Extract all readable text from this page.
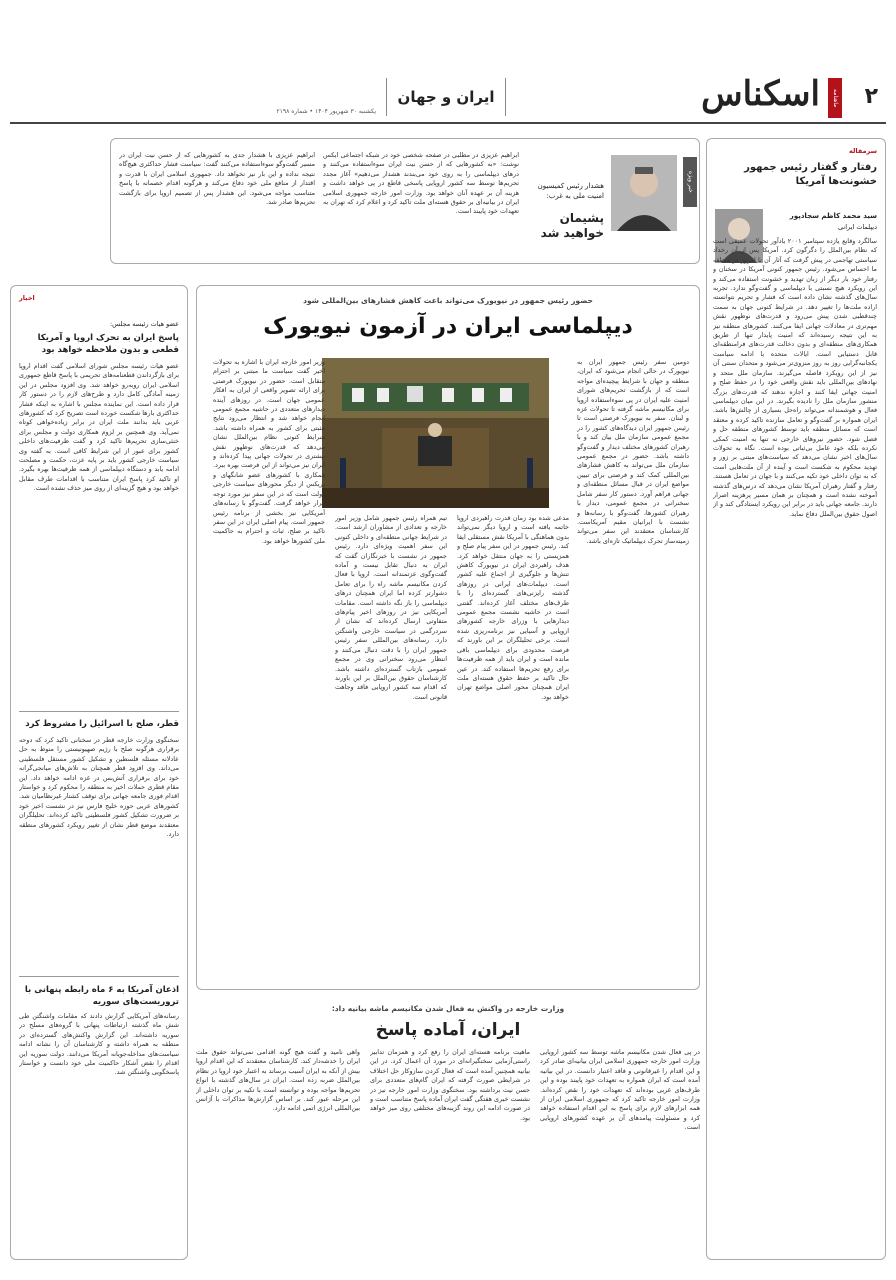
۲
ماهنامه
اسکناس
ایران و جهان
یکشنبه ۳۰ شهریور ۱۴۰۴ • شماره ۲۱۹۸
سرمقاله
رفتار و گفتار رئیس جمهور خشونت‌ها آمریکا
سید محمد کاظم سجادپور
دیپلمات ایرانی
سالگرد وقایع یازده سپتامبر ۲۰۰۱ یادآور تحولات عمیقی است که نظام بین‌الملل را دگرگون کرد. آمریکا پس از آن رخداد سیاستی تهاجمی در پیش گرفت که آثار آن تا امروز در منطقه ما احساس می‌شود. رئیس جمهور کنونی آمریکا در سخنان و رفتار خود بار دیگر از زبان تهدید و خشونت استفاده می‌کند و این رویکرد هیچ نسبتی با دیپلماسی و گفت‌وگو ندارد. تجربه سال‌های گذشته نشان داده است که فشار و تحریم نتوانسته اراده ملت‌ها را تغییر دهد. در شرایط کنونی جهان به سمت چندقطبی شدن پیش می‌رود و قدرت‌های نوظهور نقش مهم‌تری در معادلات جهانی ایفا می‌کنند. کشورهای منطقه نیز به این نتیجه رسیده‌اند که امنیت پایدار تنها از طریق همکاری‌های منطقه‌ای و بدون دخالت قدرت‌های فرامنطقه‌ای قابل دستیابی است. ایالات متحده با ادامه سیاست یکجانبه‌گرایی روز به روز منزوی‌تر می‌شود و متحدان سنتی آن نیز از این رویکرد فاصله می‌گیرند. سازمان ملل متحد و نهادهای بین‌المللی باید نقش واقعی خود را در حفظ صلح و امنیت جهانی ایفا کنند و اجازه ندهند که قدرت‌های بزرگ منشور سازمان ملل را نادیده بگیرند. در این میان دیپلماسی فعال و هوشمندانه می‌تواند راه‌حل بسیاری از چالش‌ها باشد. ایران همواره بر گفت‌وگو و تعامل سازنده تاکید کرده و معتقد است که مسائل منطقه باید توسط کشورهای منطقه حل و فصل شود. حضور نیروهای خارجی نه تنها به امنیت کمکی نکرده بلکه خود عامل بی‌ثباتی بوده است. نگاه به تحولات سال‌های اخیر نشان می‌دهد که سیاست‌های مبتنی بر زور و تهدید محکوم به شکست است و آینده از آن ملت‌هایی است که به توان داخلی خود تکیه می‌کنند و با جهان در تعامل هستند. رفتار و گفتار رهبران آمریکا نشان می‌دهد که درس‌های گذشته آموخته نشده است و همچنان بر همان مسیر پرهزینه اصرار دارند. جامعه جهانی باید در برابر این رویکرد ایستادگی کند و از اصول حقوق بین‌الملل دفاع نماید.
خبر ویژه
هشدار رئیس کمیسیون امنیت ملی به غرب:
پشیمان خواهید شد
ابراهیم عزیزی در مطلبی در صفحه شخصی خود در شبکه اجتماعی ایکس نوشت: «به کشورهایی که از حسن نیت ایران سوءاستفاده می‌کنند و درهای دیپلماسی را به روی خود می‌بندند هشدار می‌دهیم» آغاز مجدد تحریم‌ها توسط سه کشور اروپایی پاسخی قاطع در پی خواهد داشت و هزینه آن بر عهده آنان خواهد بود. وزارت امور خارجه جمهوری اسلامی ایران در بیانیه‌ای بر حقوق هسته‌ای ملت تاکید کرد و اعلام کرد که تهران به تعهدات خود پایبند است.
ابراهیم عزیزی با هشدار جدی به کشورهایی که از حسن نیت ایران در مسیر گفت‌وگو سوءاستفاده می‌کنند گفت: سیاست فشار حداکثری هیچ‌گاه نتیجه نداده و این بار نیز نخواهد داد. جمهوری اسلامی ایران با قدرت و اقتدار از منافع ملی خود دفاع می‌کند و هرگونه اقدام خصمانه با پاسخ متناسب مواجه می‌شود. این هشدار پس از تصمیم اروپا برای بازگشت تحریم‌ها صادر شد.
حضور رئیس جمهور در نیویورک می‌تواند باعث کاهش فشارهای بین‌المللی شود
دیپلماسی ایران در آزمون نیویورک
دومین سفر رئیس جمهور ایران به نیویورک در حالی انجام می‌شود که ایران، منطقه و جهان با شرایط پیچیده‌ای مواجه است که از بازگشت تحریم‌های شورای امنیت علیه ایران در پی سوءاستفاده اروپا برای مکانیسم ماشه گرفته تا تحولات غزه و لبنان. سفر به نیویورک فرصتی است تا رئیس جمهور ایران دیدگاه‌های کشور را در مجمع عمومی سازمان ملل بیان کند و با رهبران کشورهای مختلف دیدار و گفت‌وگو داشته باشد. حضور در مجمع عمومی سازمان ملل می‌تواند به کاهش فشارهای بین‌المللی کمک کند و فرصتی برای تبیین مواضع ایران در قبال مسائل منطقه‌ای و جهانی فراهم آورد. دستور کار سفر شامل سخنرانی در مجمع عمومی، دیدار با رهبران کشورها، گفت‌وگو با رسانه‌ها و نشست با ایرانیان مقیم آمریکاست. کارشناسان معتقدند این سفر می‌تواند زمینه‌ساز تحرک دیپلماتیک تازه‌ای باشد.
مدعی شده بود زمان قدرت راهبردی اروپا خاتمه یافته است و اروپا دیگر نمی‌تواند بدون هماهنگی با آمریکا نقش مستقلی ایفا کند. رئیس جمهور در این سفر پیام صلح و همزیستی را به جهان منتقل خواهد کرد. هدف راهبردی ایران در نیویورک کاهش تنش‌ها و جلوگیری از اجماع علیه کشور است. دیپلمات‌های ایرانی در روزهای گذشته رایزنی‌های گسترده‌ای را با طرف‌های مختلف آغاز کرده‌اند. گفتنی است در حاشیه نشست مجمع عمومی دیدارهایی با وزرای خارجه کشورهای اروپایی و آسیایی نیز برنامه‌ریزی شده است. برخی تحلیلگران بر این باورند که فرصت محدودی برای دیپلماسی باقی مانده است و ایران باید از همه ظرفیت‌ها برای رفع تحریم‌ها استفاده کند. در عین حال تاکید بر حفظ حقوق هسته‌ای ملت ایران همچنان محور اصلی مواضع تهران خواهد بود.
تیم همراه رئیس جمهور شامل وزیر امور خارجه و تعدادی از مشاوران ارشد است. در شرایط جهانی منطقه‌ای و داخلی کنونی این سفر اهمیت ویژه‌ای دارد. رئیس جمهور در نشست با خبرنگاران گفت که ایران به دنبال تقابل نیست و آماده گفت‌وگوی عزتمندانه است. اروپا با فعال کردن مکانیسم ماشه راه را برای تعامل دشوارتر کرده اما ایران همچنان درهای دیپلماسی را باز نگه داشته است. مقامات آمریکایی نیز در روزهای اخیر پیام‌های متفاوتی ارسال کرده‌اند که نشان از سردرگمی در سیاست خارجی واشنگتن دارد. رسانه‌های بین‌المللی سفر رئیس جمهور ایران را با دقت دنبال می‌کنند و انتظار می‌رود سخنرانی وی در مجمع عمومی بازتاب گسترده‌ای داشته باشد. کارشناسان حقوق بین‌الملل بر این باورند که اقدام سه کشور اروپایی فاقد وجاهت قانونی است.
وزیر امور خارجه ایران با اشاره به تحولات اخیر گفت سیاست ما مبتنی بر احترام متقابل است. حضور در نیویورک فرصتی برای ارائه تصویر واقعی از ایران به افکار عمومی جهان است. در روزهای آینده دیدارهای متعددی در حاشیه مجمع عمومی انجام خواهد شد و انتظار می‌رود نتایج مثبتی برای کشور به همراه داشته باشد. شرایط کنونی نظام بین‌الملل نشان می‌دهد که قدرت‌های نوظهور نقش بیشتری در تحولات جهانی پیدا کرده‌اند و ایران نیز می‌تواند از این فرصت بهره ببرد. همکاری با کشورهای عضو شانگهای و بریکس از دیگر محورهای سیاست خارجی دولت است که در این سفر نیز مورد توجه قرار خواهد گرفت. گفت‌وگو با رسانه‌های آمریکایی نیز بخشی از برنامه رئیس جمهور است. پیام اصلی ایران در این سفر تاکید بر صلح، ثبات و احترام به حاکمیت ملی کشورها خواهد بود.
وزارت خارجه در واکنش به فعال شدن مکانیسم ماشه بیانیه داد:
ایران، آماده پاسخ
در پی فعال شدن مکانیسم ماشه توسط سه کشور اروپایی وزارت امور خارجه جمهوری اسلامی ایران بیانیه‌ای صادر کرد و این اقدام را غیرقانونی و فاقد اعتبار دانست. در این بیانیه آمده است که ایران همواره به تعهدات خود پایبند بوده و این طرف‌های غربی بوده‌اند که تعهدات خود را نقض کرده‌اند. وزارت امور خارجه تاکید کرد که جمهوری اسلامی ایران از همه ابزارهای لازم برای پاسخ به این اقدام استفاده خواهد کرد و مسئولیت پیامدهای آن بر عهده کشورهای اروپایی است.
ماهیت برنامه هسته‌ای ایران را رفع کرد و همزمان تدابیر راستی‌آزمایی سختگیرانه‌ای در مورد آن اعمال کرد. در این بیانیه همچنین آمده است که فعال کردن سازوکار حل اختلاف در شرایطی صورت گرفته که ایران گام‌های متعددی برای حسن نیت برداشته بود. سخنگوی وزارت امور خارجه نیز در نشست خبری هفتگی گفت ایران آماده پاسخ متناسب است و در صورت ادامه این روند گزینه‌های مختلفی روی میز خواهد بود.
واهی نامید و گفت هیچ گونه اقدامی نمی‌تواند حقوق ملت ایران را خدشه‌دار کند. کارشناسان معتقدند که این اقدام اروپا بیش از آنکه به ایران آسیب برساند به اعتبار خود اروپا در نظام بین‌الملل ضربه زده است. ایران در سال‌های گذشته با انواع تحریم‌ها مواجه بوده و توانسته است با تکیه بر توان داخلی از این مرحله عبور کند. بر اساس گزارش‌ها مذاکرات با آژانس بین‌المللی انرژی اتمی ادامه دارد.
اخبار
عضو هیات رئیسه مجلس:
پاسخ ایران به تحرک اروپا و آمریکا قطعی و بدون ملاحظه خواهد بود
عضو هیات رئیسه مجلس شورای اسلامی گفت اقدام اروپا برای بازگرداندن قطعنامه‌های تحریمی با پاسخ قاطع جمهوری اسلامی ایران روبه‌رو خواهد شد. وی افزود مجلس در این زمینه آمادگی کامل دارد و طرح‌های لازم را در دستور کار قرار داده است. این نماینده مجلس با اشاره به اینکه فشار حداکثری بارها شکست خورده است تصریح کرد که کشورهای غربی باید بدانند ملت ایران در برابر زیاده‌خواهی کوتاه نمی‌آید. وی همچنین بر لزوم همکاری دولت و مجلس برای خنثی‌سازی تحریم‌ها تاکید کرد و گفت ظرفیت‌های داخلی کشور برای عبور از این شرایط کافی است. به گفته وی سیاست خارجی کشور باید بر پایه عزت، حکمت و مصلحت ادامه یابد و دستگاه دیپلماسی از همه ظرفیت‌ها بهره بگیرد. او تاکید کرد پاسخ ایران متناسب با اقدامات طرف مقابل خواهد بود و هیچ گزینه‌ای از روی میز حذف نشده است.
قطر، صلح با اسرائیل را مشروط کرد
سخنگوی وزارت خارجه قطر در سخنانی تاکید کرد که دوحه برقراری هرگونه صلح با رژیم صهیونیستی را منوط به حل عادلانه مسئله فلسطین و تشکیل کشور مستقل فلسطینی می‌داند. وی افزود قطر همچنان به تلاش‌های میانجی‌گرانه خود برای برقراری آتش‌بس در غزه ادامه خواهد داد. این مقام قطری حملات اخیر به منطقه را محکوم کرد و خواستار اقدام فوری جامعه جهانی برای توقف کشتار غیرنظامیان شد. کشورهای عربی حوزه خلیج فارس نیز در نشست اخیر خود بر ضرورت تشکیل کشور فلسطینی تاکید کرده‌اند. تحلیلگران معتقدند موضع قطر نشان از تغییر رویکرد کشورهای منطقه دارد.
اذعان آمریکا به ۶ ماه رابطه پنهانی با تروریست‌های سوریه
رسانه‌های آمریکایی گزارش دادند که مقامات واشنگتن طی شش ماه گذشته ارتباطات پنهانی با گروه‌های مسلح در سوریه داشته‌اند. این گزارش واکنش‌های گسترده‌ای در منطقه به همراه داشته و کارشناسان آن را نشانه ادامه سیاست‌های مداخله‌جویانه آمریکا می‌دانند. دولت سوریه این اقدام را نقض آشکار حاکمیت ملی خود دانست و خواستار پاسخگویی واشنگتن شد.
